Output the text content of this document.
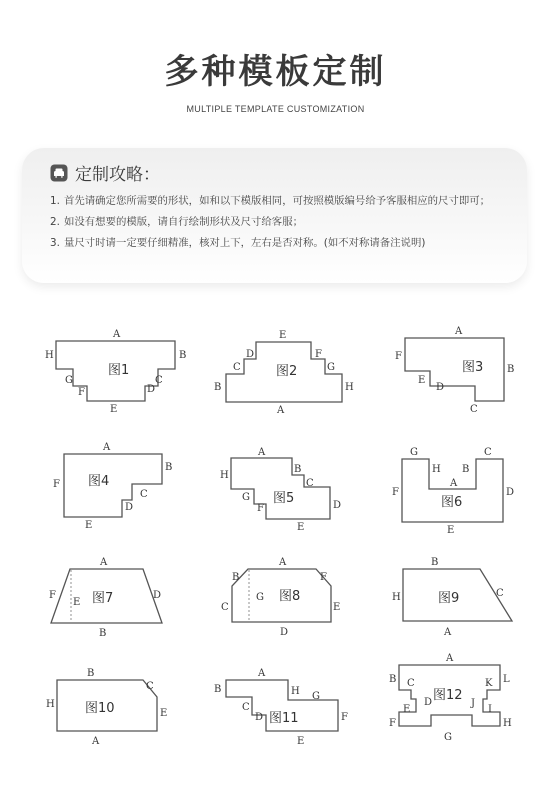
多种模板定制
MULTIPLE TEMPLATE CUSTOMIZATION
定制攻略：
1. 首先请确定您所需要的形状，如和以下模版相同，可按照模版编号给予客服相应的尺寸即可；
2. 如没有想要的模版，请自行绘制形状及尺寸给客服；
3. 量尺寸时请一定要仔细精准，核对上下，左右是否对称。(如不对称请备注说明)
图1
A
B
C
D
E
F
G
H
图2
E
D	F
C	G
B	H
A
图3
A
F
B
E
D
C
图4
A
B
F
C
D
E
图5
A
H
B
C
G
D
F
E
图6
G	C
H B
A
F	D
E
图7
A
F
E
D
B
图8
A
B	F
C
G
E
D
图9
B
H	C
A
图10
B
C
H
E
A
图11
A
B	H G
C
D	F
E
图12
A
B	L
C	K
D
E
J
I
F	H
G
